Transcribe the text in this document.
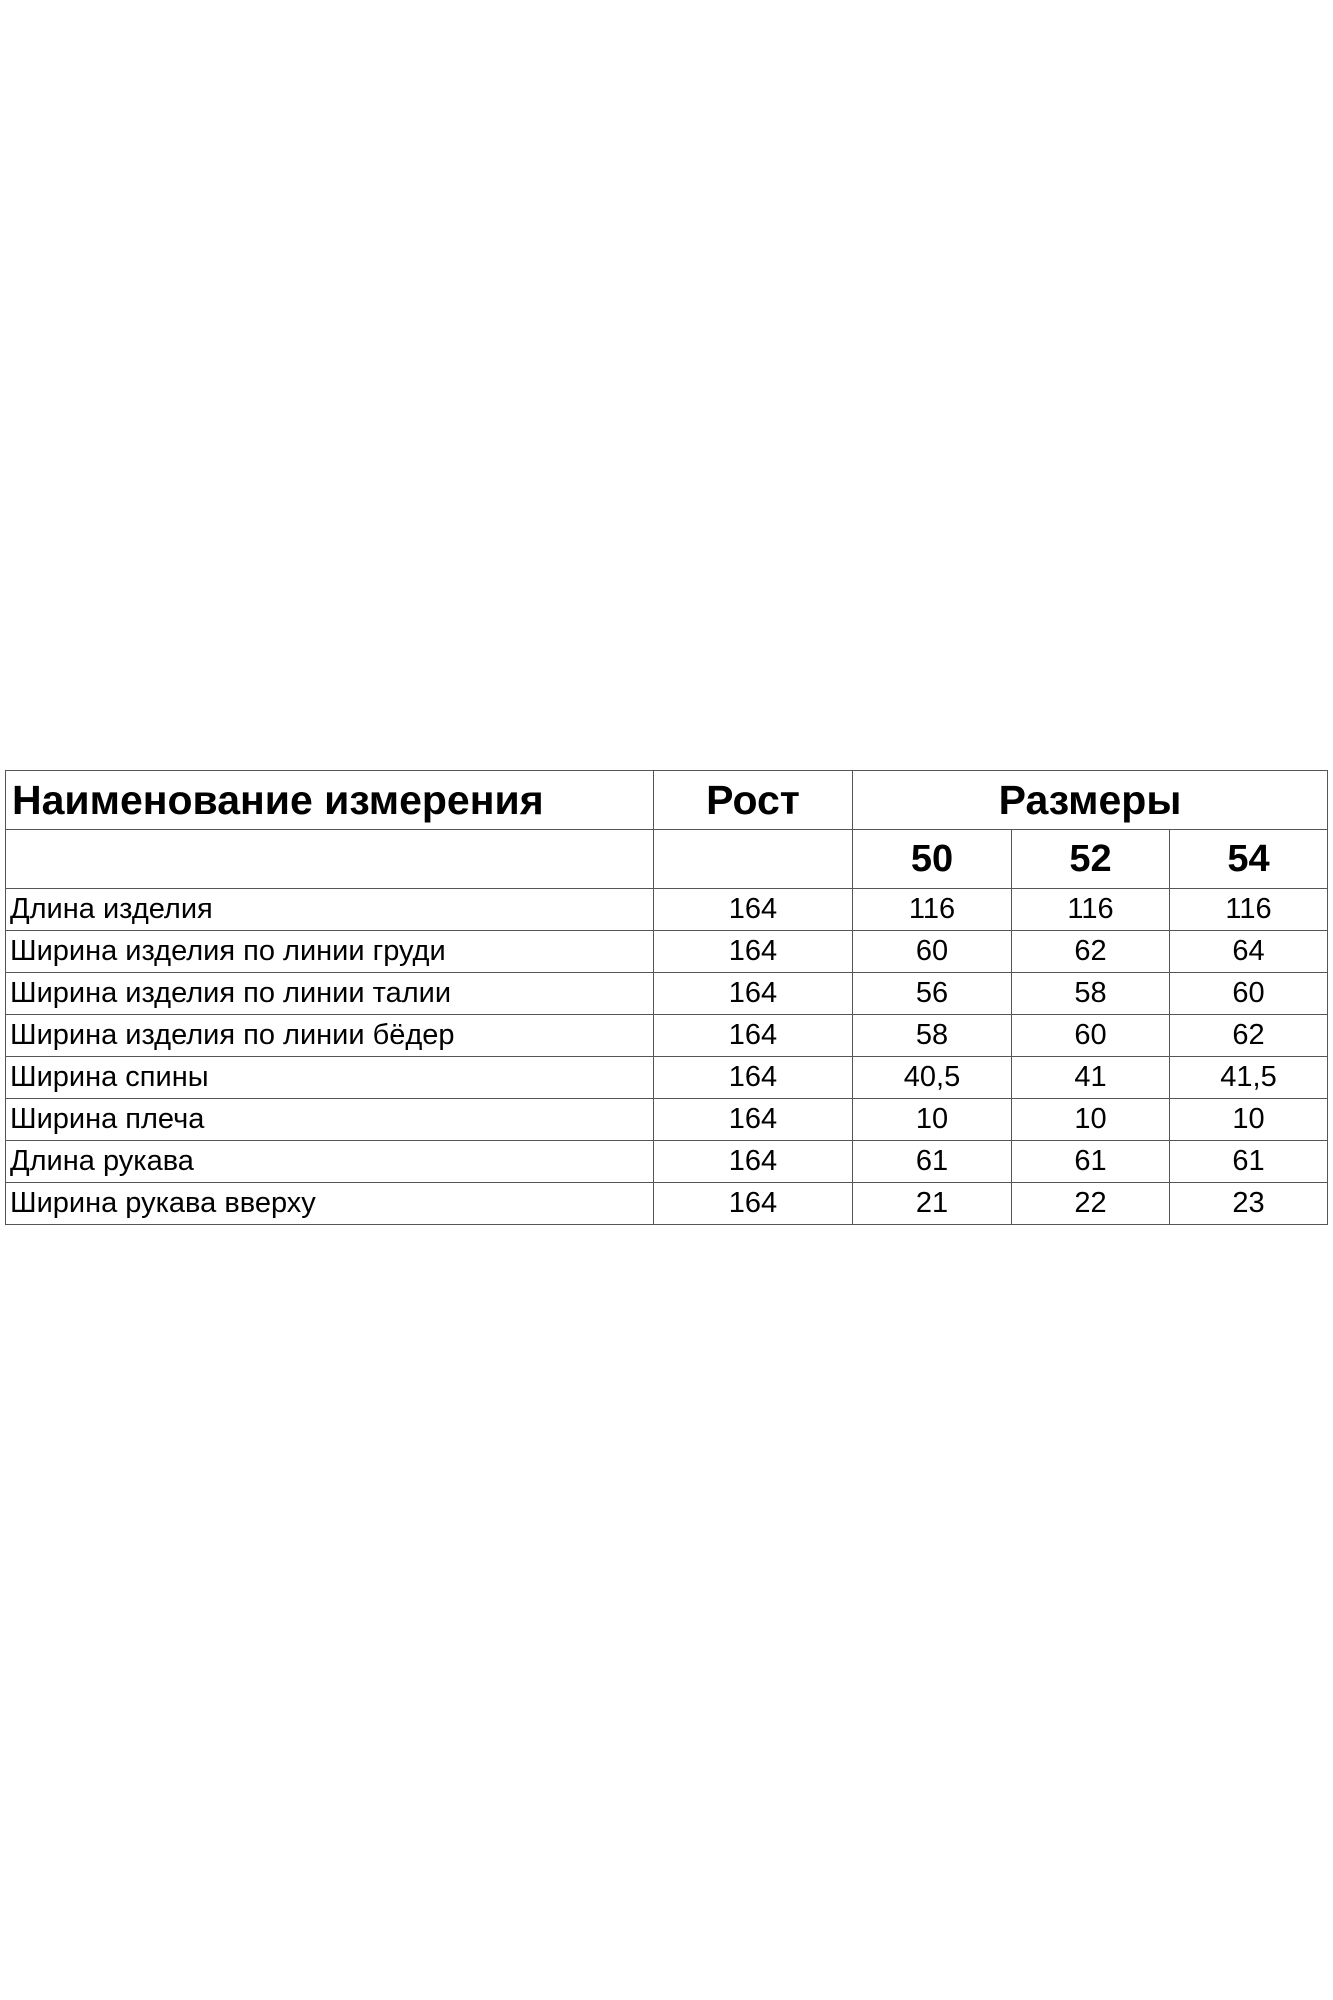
Наименование измерения	Рост	Размеры		
		50	52	54
Длина изделия	164	116	116	116
Ширина изделия по линии груди	164	60	62	64
Ширина изделия по линии талии	164	56	58	60
Ширина изделия по линии бёдер	164	58	60	62
Ширина спины	164	40,5	41	41,5
Ширина плеча	164	10	10	10
Длина рукава	164	61	61	61
Ширина рукава вверху	164	21	22	23
